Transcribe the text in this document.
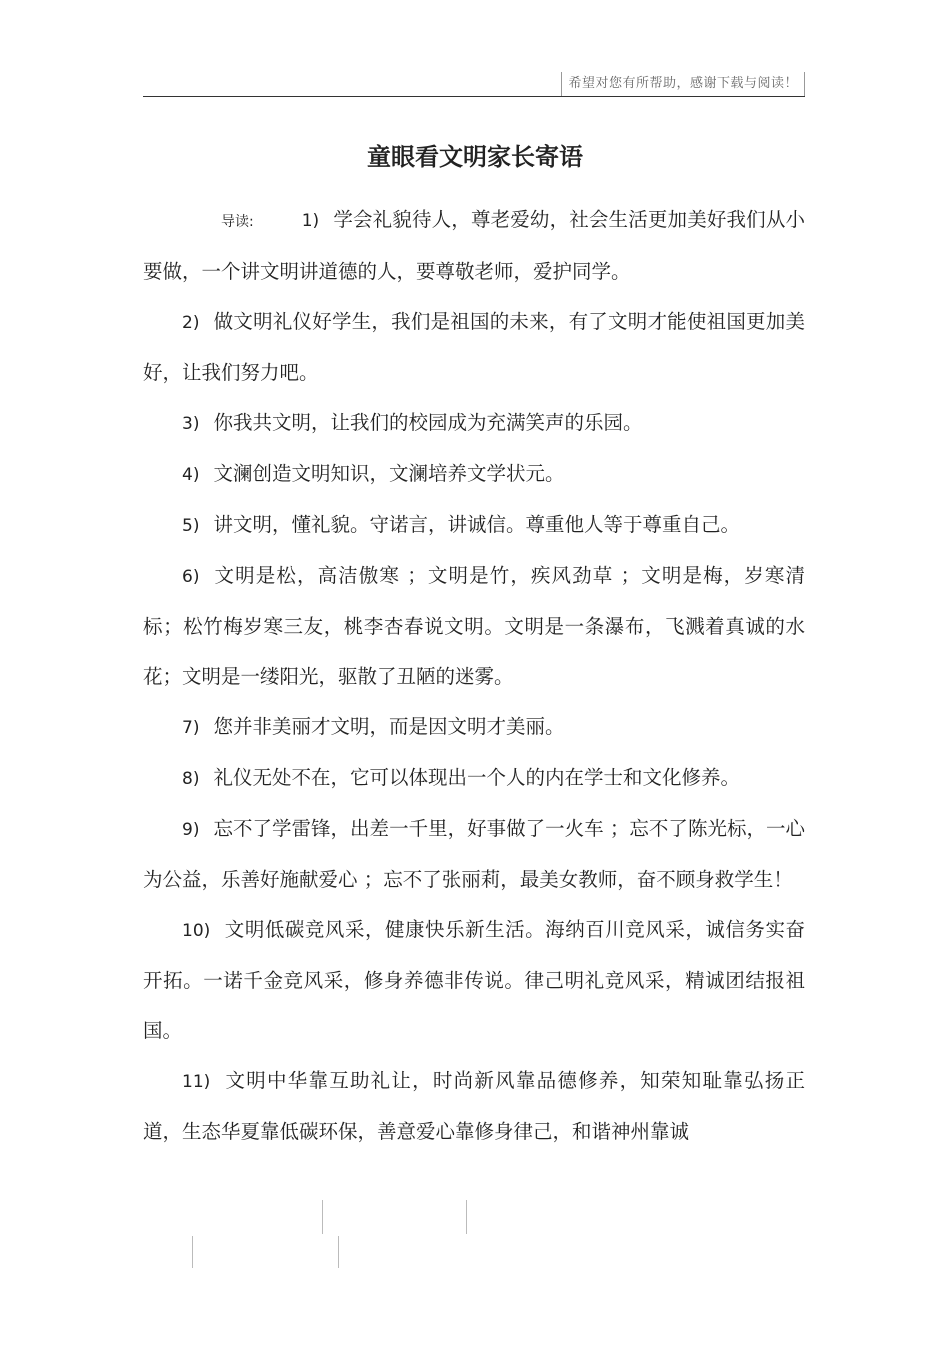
希望对您有所帮助，感谢下载与阅读！
童眼看文明家长寄语

导读:	1) 学会礼貌待人，尊老爱幼，社会生活更加美好我们从小要做，一个讲文明讲道德的人，要尊敬老师，爱护同学。

2) 做文明礼仪好学生，我们是祖国的未来，有了文明才能使祖国更加美好，让我们努力吧。

3) 你我共文明，让我们的校园成为充满笑声的乐园。

4) 文澜创造文明知识，文澜培养文学状元。

5) 讲文明，懂礼貌。守诺言，讲诚信。尊重他人等于尊重自己。

6) 文明是松，高洁傲寒 ；文明是竹，疾风劲草 ；文明是梅，岁寒清标；松竹梅岁寒三友，桃李杏春说文明。文明是一条瀑布，飞溅着真诚的水花；文明是一缕阳光，驱散了丑陋的迷雾。

7) 您并非美丽才文明，而是因文明才美丽。

8) 礼仪无处不在，它可以体现出一个人的内在学士和文化修养。

9) 忘不了学雷锋，出差一千里，好事做了一火车 ；忘不了陈光标，一心为公益，乐善好施献爱心 ；忘不了张丽莉，最美女教师，奋不顾身救学生！

10) 文明低碳竞风采，健康快乐新生活。海纳百川竞风采，诚信务实奋开拓。一诺千金竞风采，修身养德非传说。律己明礼竞风采，精诚团结报祖国。

11) 文明中华靠互助礼让，时尚新风靠品德修养，知荣知耻靠弘扬正道，生态华夏靠低碳环保，善意爱心靠修身律己，和谐神州靠诚
